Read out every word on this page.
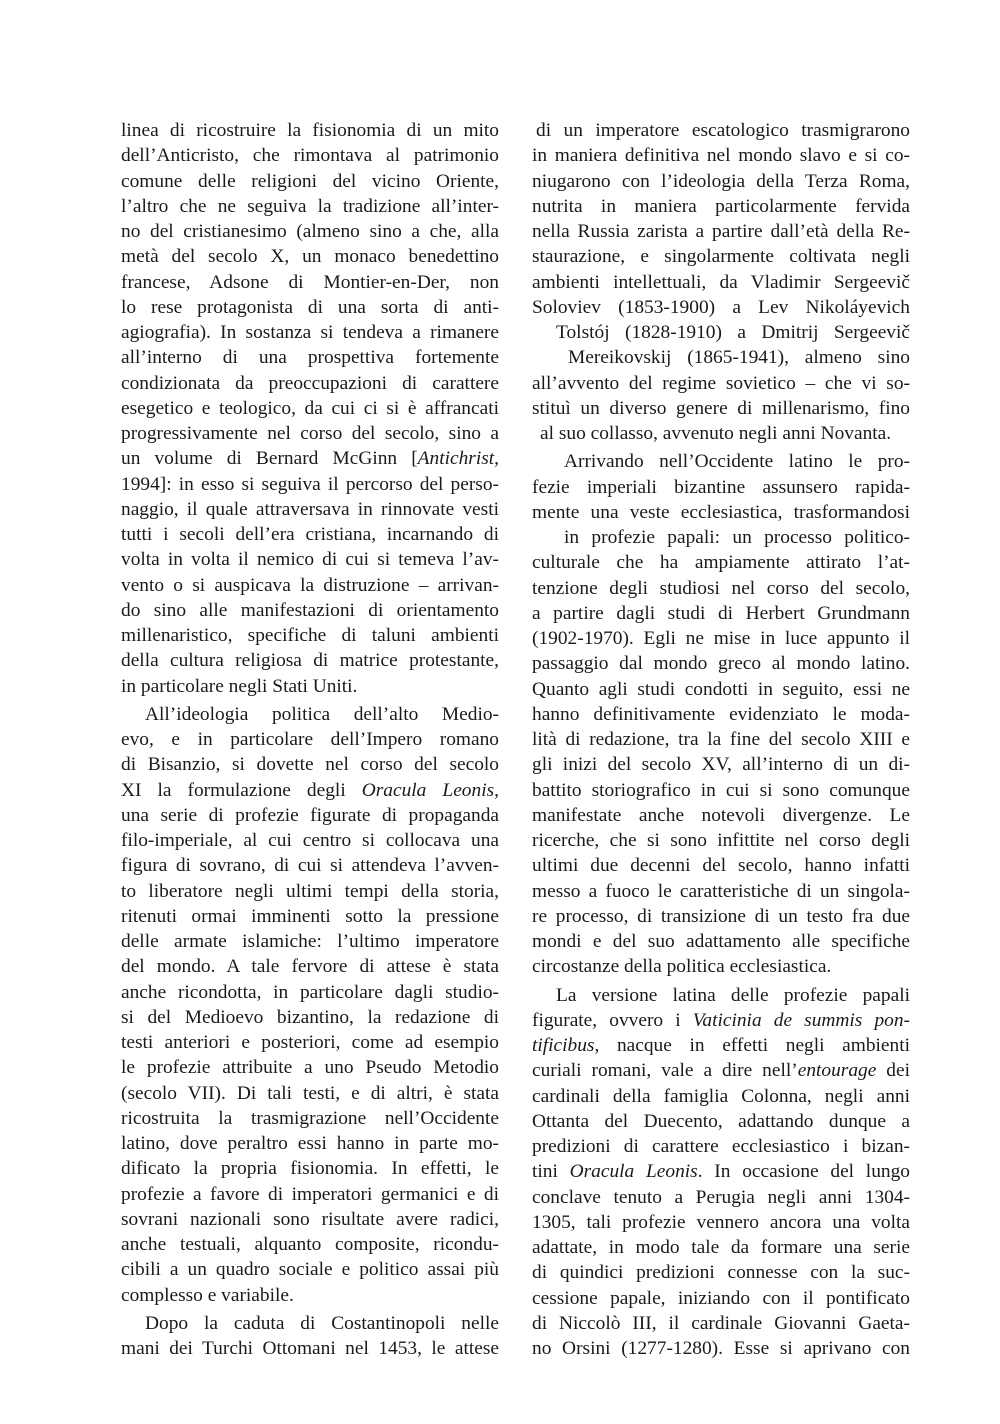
linea di ricostruire la fisionomia di un mito
dell’Anticristo, che rimontava al patrimonio
comune delle religioni del vicino Oriente,
l’altro che ne seguiva la tradizione all’inter-
no del cristianesimo (almeno sino a che, alla
metà del secolo X, un monaco benedettino
francese, Adsone di Montier-en-Der, non
lo rese protagonista di una sorta di anti-
agiografia). In sostanza si tendeva a rimanere
all’interno di una prospettiva fortemente
condizionata da preoccupazioni di carattere
esegetico e teologico, da cui ci si è affrancati
progressivamente nel corso del secolo, sino a
un volume di Bernard McGinn [Antichrist,
1994]: in esso si seguiva il percorso del perso-
naggio, il quale attraversava in rinnovate vesti
tutti i secoli dell’era cristiana, incarnando di
volta in volta il nemico di cui si temeva l’av-
vento o si auspicava la distruzione – arrivan-
do sino alle manifestazioni di orientamento
millenaristico, specifiche di taluni ambienti
della cultura religiosa di matrice protestante,
in particolare negli Stati Uniti.
All’ideologia politica dell’alto Medio-
evo, e in particolare dell’Impero romano
di Bisanzio, si dovette nel corso del secolo
XI la formulazione degli Oracula Leonis,
una serie di profezie figurate di propaganda
filo-imperiale, al cui centro si collocava una
figura di sovrano, di cui si attendeva l’avven-
to liberatore negli ultimi tempi della storia,
ritenuti ormai imminenti sotto la pressione
delle armate islamiche: l’ultimo imperatore
del mondo. A tale fervore di attese è stata
anche ricondotta, in particolare dagli studio-
si del Medioevo bizantino, la redazione di
testi anteriori e posteriori, come ad esempio
le profezie attribuite a uno Pseudo Metodio
(secolo VII). Di tali testi, e di altri, è stata
ricostruita la trasmigrazione nell’Occidente
latino, dove peraltro essi hanno in parte mo-
dificato la propria fisionomia. In effetti, le
profezie a favore di imperatori germanici e di
sovrani nazionali sono risultate avere radici,
anche testuali, alquanto composite, ricondu-
cibili a un quadro sociale e politico assai più
complesso e variabile.
Dopo la caduta di Costantinopoli nelle
mani dei Turchi Ottomani nel 1453, le attese
di un imperatore escatologico trasmigrarono
in maniera definitiva nel mondo slavo e si co-
niugarono con l’ideologia della Terza Roma,
nutrita in maniera particolarmente fervida
nella Russia zarista a partire dall’età della Re-
staurazione, e singolarmente coltivata negli
ambienti intellettuali, da Vladimir Sergeevič
Soloviev (1853-1900) a Lev Nikoláyevich
Tolstój (1828-1910) a Dmitrij Sergeevič
Mereikovskij (1865-1941), almeno sino
all’avvento del regime sovietico – che vi so-
stituì un diverso genere di millenarismo, fino
al suo collasso, avvenuto negli anni Novanta.
Arrivando nell’Occidente latino le pro-
fezie imperiali bizantine assunsero rapida-
mente una veste ecclesiastica, trasformandosi
in profezie papali: un processo politico-
culturale che ha ampiamente attirato l’at-
tenzione degli studiosi nel corso del secolo,
a partire dagli studi di Herbert Grundmann
(1902-1970). Egli ne mise in luce appunto il
passaggio dal mondo greco al mondo latino.
Quanto agli studi condotti in seguito, essi ne
hanno definitivamente evidenziato le moda-
lità di redazione, tra la fine del secolo XIII e
gli inizi del secolo XV, all’interno di un di-
battito storiografico in cui si sono comunque
manifestate anche notevoli divergenze. Le
ricerche, che si sono infittite nel corso degli
ultimi due decenni del secolo, hanno infatti
messo a fuoco le caratteristiche di un singola-
re processo, di transizione di un testo fra due
mondi e del suo adattamento alle specifiche
circostanze della politica ecclesiastica.
La versione latina delle profezie papali
figurate, ovvero i Vaticinia de summis pon-
tificibus, nacque in effetti negli ambienti
curiali romani, vale a dire nell’entourage dei
cardinali della famiglia Colonna, negli anni
Ottanta del Duecento, adattando dunque a
predizioni di carattere ecclesiastico i bizan-
tini Oracula Leonis. In occasione del lungo
conclave tenuto a Perugia negli anni 1304-
1305, tali profezie vennero ancora una volta
adattate, in modo tale da formare una serie
di quindici predizioni connesse con la suc-
cessione papale, iniziando con il pontificato
di Niccolò III, il cardinale Giovanni Gaeta-
no Orsini (1277-1280). Esse si aprivano con
